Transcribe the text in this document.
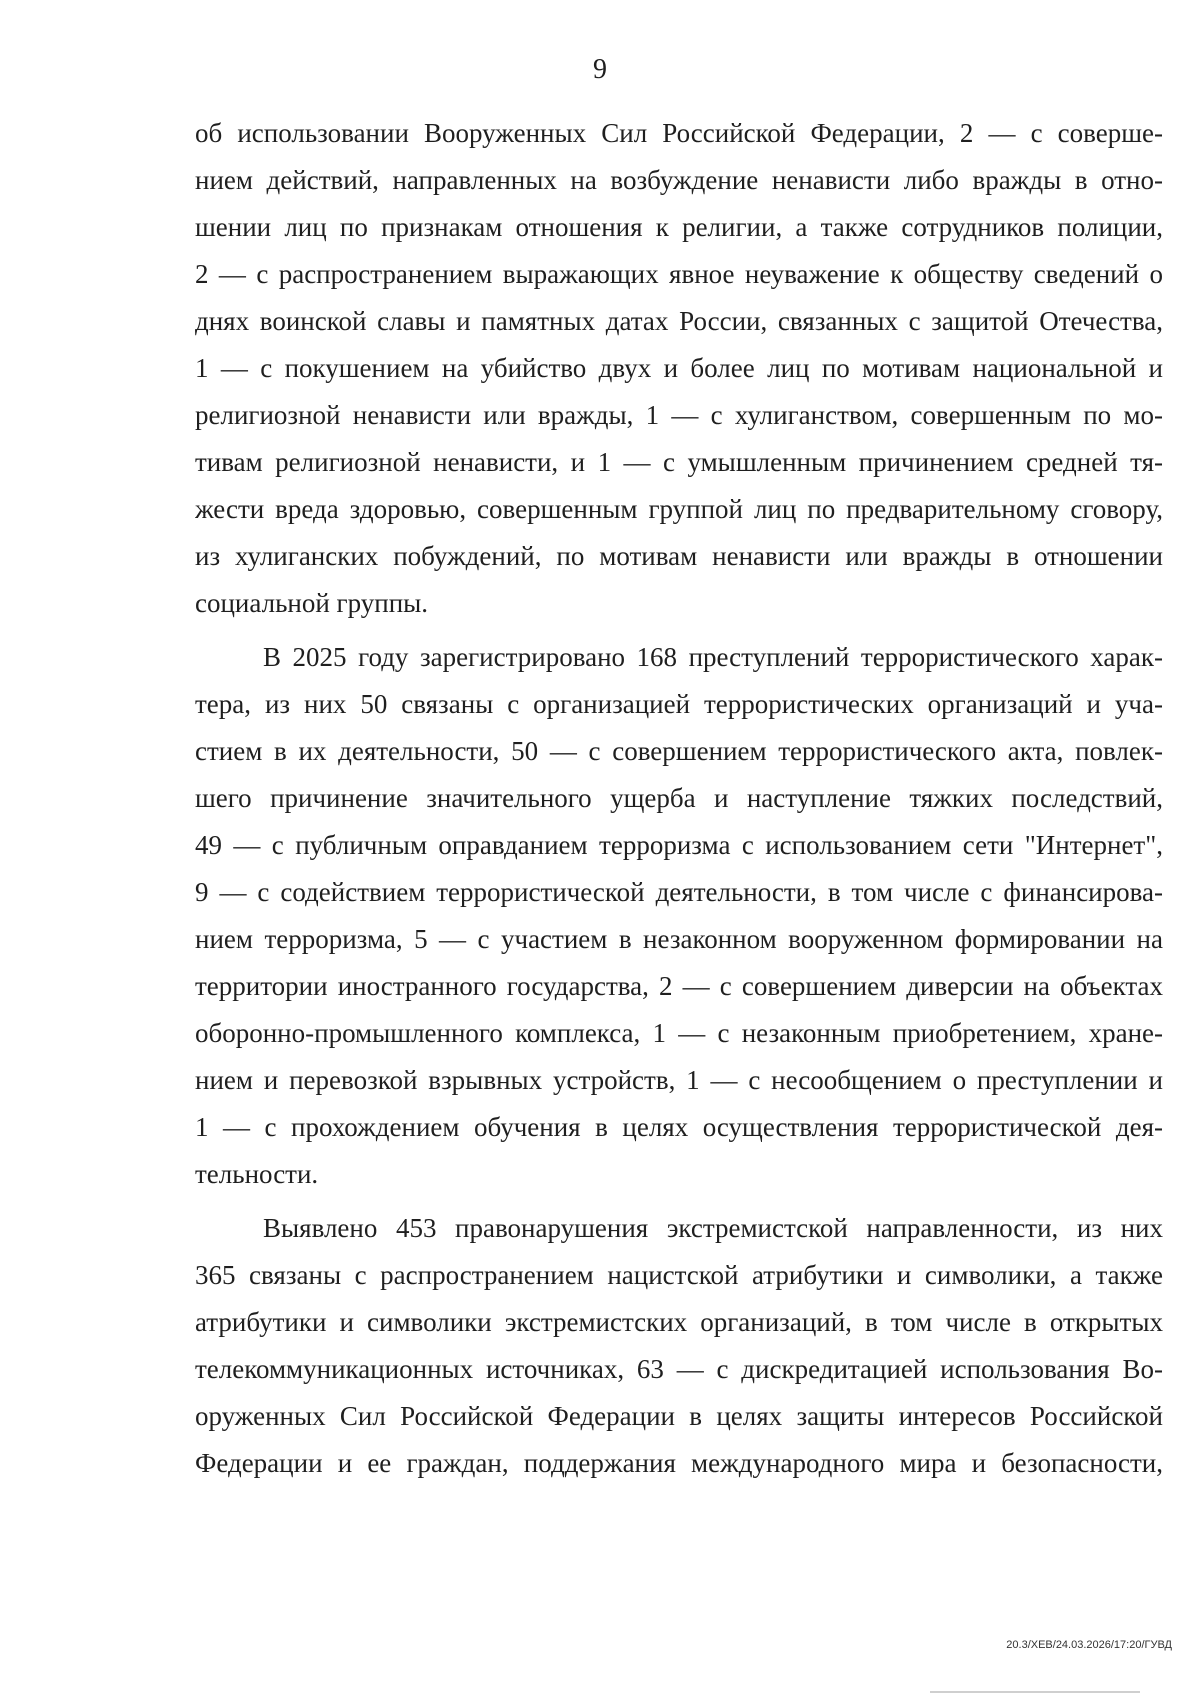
9
об использовании Вооруженных Сил Российской Федерации, 2 — с соверше-
нием действий, направленных на возбуждение ненависти либо вражды в отно-
шении лиц по признакам отношения к религии, а также сотрудников полиции,
2 — с распространением выражающих явное неуважение к обществу сведений о
днях воинской славы и памятных датах России, связанных с защитой Отечества,
1 — с покушением на убийство двух и более лиц по мотивам национальной и
религиозной ненависти или вражды, 1 — с хулиганством, совершенным по мо-
тивам религиозной ненависти, и 1 — с умышленным причинением средней тя-
жести вреда здоровью, совершенным группой лиц по предварительному сговору,
из хулиганских побуждений, по мотивам ненависти или вражды в отношении
социальной группы.
В 2025 году зарегистрировано 168 преступлений террористического харак-
тера, из них 50 связаны с организацией террористических организаций и уча-
стием в их деятельности, 50 — с совершением террористического акта, повлек-
шего причинение значительного ущерба и наступление тяжких последствий,
49 — с публичным оправданием терроризма с использованием сети "Интернет",
9 — с содействием террористической деятельности, в том числе с финансирова-
нием терроризма, 5 — с участием в незаконном вооруженном формировании на
территории иностранного государства, 2 — с совершением диверсии на объектах
оборонно-промышленного комплекса, 1 — с незаконным приобретением, хране-
нием и перевозкой взрывных устройств, 1 — с несообщением о преступлении и
1 — с прохождением обучения в целях осуществления террористической дея-
тельности.
Выявлено 453 правонарушения экстремистской направленности, из них
365 связаны с распространением нацистской атрибутики и символики, а также
атрибутики и символики экстремистских организаций, в том числе в открытых
телекоммуникационных источниках, 63 — с дискредитацией использования Во-
оруженных Сил Российской Федерации в целях защиты интересов Российской
Федерации и ее граждан, поддержания международного мира и безопасности,
20.3/ХЕВ/24.03.2026/17:20/ГУВД
